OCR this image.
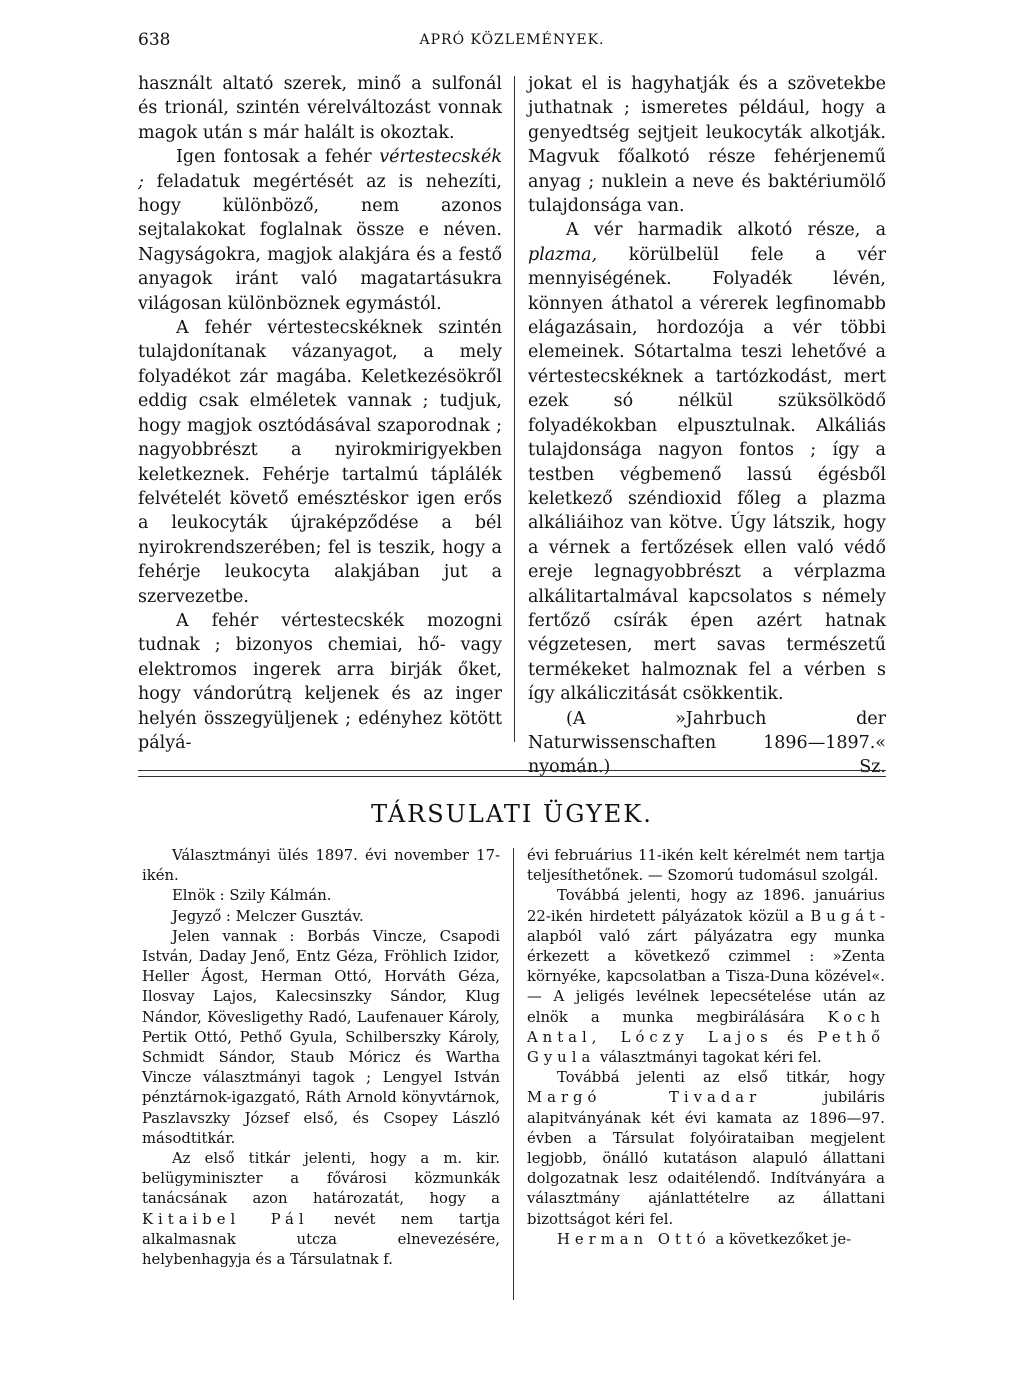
638	APRÓ KÖZLEMÉNYEK.

használt altató szerek, minő a sulfonál és trionál, szintén vérelváltozást vonnak magok után s már halált is okoztak.

Igen fontosak a fehér vértestecskék ; feladatuk megértését az is nehezíti, hogy különböző, nem azonos sejtalakokat foglalnak össze e néven. Nagyságokra, magjok alakjára és a festő anyagok iránt való magatartásukra világosan különböznek egymástól.

A fehér vértestecskéknek szintén tulajdonítanak vázanyagot, a mely folyadékot zár magába. Keletkezésökről eddig csak elméletek vannak ; tudjuk, hogy magjok osztódásával szaporodnak ; nagyobbrészt a nyirokmirigyekben keletkeznek. Fehérje tartalmú táplálék felvételét követő emésztéskor igen erős a leukocyták újraképződése a bél nyirokrendszerében; fel is teszik, hogy a fehérje leukocyta alakjában jut a szervezetbe.

A fehér vértestecskék mozogni tudnak ; bizonyos chemiai, hő- vagy elektromos ingerek arra birják őket, hogy vándorútrą keljenek és az inger helyén összegyüljenek ; edényhez kötött pályá-

jokat el is hagyhatják és a szövetekbe juthatnak ; ismeretes például, hogy a genyedtség sejtjeit leukocyták alkotják. Magvuk főalkotó része fehérjenemű anyag ; nuklein a neve és baktériumölő tulajdonsága van.

A vér harmadik alkotó része, a plazma, körülbelül fele a vér mennyiségének. Folyadék lévén, könnyen áthatol a vérerek legfinomabb elágazásain, hordozója a vér többi elemeinek. Sótartalma teszi lehetővé a vértestecskéknek a tartózkodást, mert ezek só nélkül szüksölködő folyadékokban elpusztulnak. Alkáliás tulajdonsága nagyon fontos ; így a testben végbemenő lassú égésből keletkező széndioxid főleg a plazma alkáliáihoz van kötve. Úgy látszik, hogy a vérnek a fertőzések ellen való védő ereje legnagyobbrészt a vérplazma alkálitartalmával kapcsolatos s némely fertőző csírák épen azért hatnak végzetesen, mert savas természetű termékeket halmoznak fel a vérben s így alkáliczitását csökkentik.

(A »Jahrbuch der Naturwissenschaften 1896—1897.« nyomán.)	Sz.

TÁRSULATI ÜGYEK.

Választmányi ülés 1897. évi november 17-ikén.

Elnök : Szily Kálmán.

Jegyző : Melczer Gusztáv.

Jelen vannak : Borbás Vincze, Csapodi István, Daday Jenő, Entz Géza, Fröhlich Izidor, Heller Ágost, Herman Ottó, Horváth Géza, Ilosvay Lajos, Kalecsinszky Sándor, Klug Nándor, Kövesligethy Radó, Laufenauer Károly, Pertik Ottó, Pethő Gyula, Schilberszky Károly, Schmidt Sándor, Staub Móricz és Wartha Vincze választmányi tagok ; Lengyel István pénztárnok-igazgató, Ráth Arnold könyvtárnok, Paszlavszky József első, és Csopey László másodtitkár.

Az első titkár jelenti, hogy a m. kir. belügyminiszter a fővárosi közmunkák tanácsának azon határozatát, hogy a Kitaibel Pál nevét nem tartja alkalmasnak utcza elnevezésére, helybenhagyja és a Társulatnak f.

évi februárius 11-ikén kelt kérelmét nem tartja teljesíthetőnek. — Szomorú tudomásul szolgál.

Továbbá jelenti, hogy az 1896. januárius 22-ikén hirdetett pályázatok közül a Bugát-alapból való zárt pályázatra egy munka érkezett a következő czimmel : »Zenta környéke, kapcsolatban a Tisza-Duna közével«. — A jeligés levélnek lepecsételése után az elnök a munka megbirálására Koch Antal, Lóczy Lajos és Pethő Gyula választmányi tagokat kéri fel.

Továbbá jelenti az első titkár, hogy Margó Tivadar jubiláris alapitványának két évi kamata az 1896—97. évben a Társulat folyóirataiban megjelent legjobb, önálló kutatáson alapuló állattani dolgozatnak lesz odaitélendő. Indítványára a választmány ajánlattételre az állattani bizottságot kéri fel.

Herman Ottó a következőket je-
